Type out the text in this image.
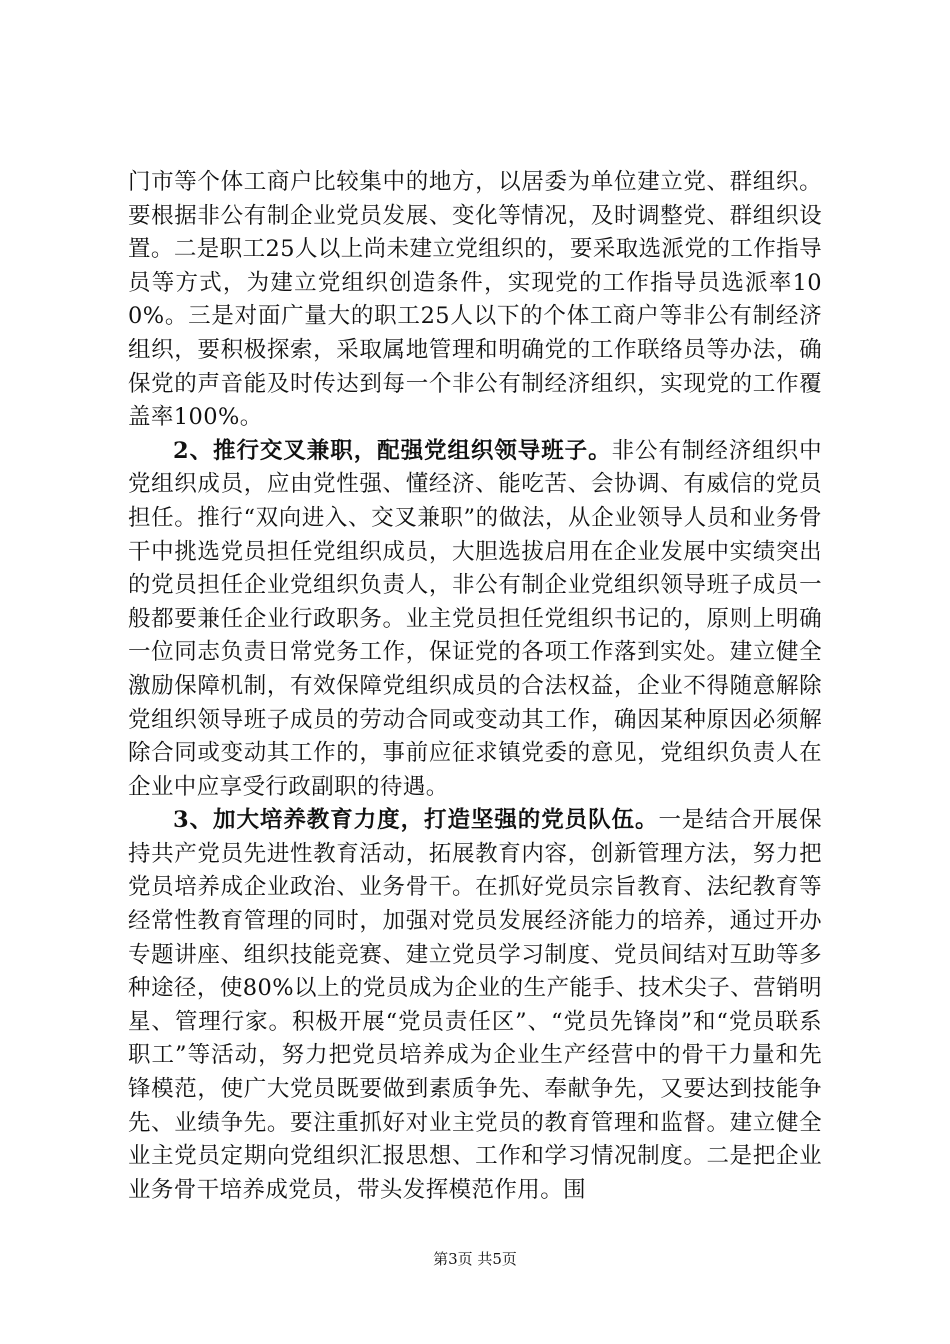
门市等个体工商户比较集中的地方，以居委为单位建立党、群组织。要根据非公有制企业党员发展、变化等情况，及时调整党、群组织设置。二是职工25人以上尚未建立党组织的，要采取选派党的工作指导员等方式，为建立党组织创造条件，实现党的工作指导员选派率100%。三是对面广量大的职工25人以下的个体工商户等非公有制经济组织，要积极探索，采取属地管理和明确党的工作联络员等办法，确保党的声音能及时传达到每一个非公有制经济组织，实现党的工作覆盖率100%。

2、推行交叉兼职，配强党组织领导班子。非公有制经济组织中党组织成员，应由党性强、懂经济、能吃苦、会协调、有威信的党员担任。推行“双向进入、交叉兼职”的做法，从企业领导人员和业务骨干中挑选党员担任党组织成员，大胆选拔启用在企业发展中实绩突出的党员担任企业党组织负责人，非公有制企业党组织领导班子成员一般都要兼任企业行政职务。业主党员担任党组织书记的，原则上明确一位同志负责日常党务工作，保证党的各项工作落到实处。建立健全激励保障机制，有效保障党组织成员的合法权益，企业不得随意解除党组织领导班子成员的劳动合同或变动其工作，确因某种原因必须解除合同或变动其工作的，事前应征求镇党委的意见，党组织负责人在企业中应享受行政副职的待遇。

3、加大培养教育力度，打造坚强的党员队伍。一是结合开展保持共产党员先进性教育活动，拓展教育内容，创新管理方法，努力把党员培养成企业政治、业务骨干。在抓好党员宗旨教育、法纪教育等经常性教育管理的同时，加强对党员发展经济能力的培养，通过开办专题讲座、组织技能竞赛、建立党员学习制度、党员间结对互助等多种途径，使80%以上的党员成为企业的生产能手、技术尖子、营销明星、管理行家。积极开展“党员责任区”、“党员先锋岗”和“党员联系职工”等活动，努力把党员培养成为企业生产经营中的骨干力量和先锋模范，使广大党员既要做到素质争先、奉献争先，又要达到技能争先、业绩争先。要注重抓好对业主党员的教育管理和监督。建立健全业主党员定期向党组织汇报思想、工作和学习情况制度。二是把企业业务骨干培养成党员，带头发挥模范作用。围

第3页 共5页
